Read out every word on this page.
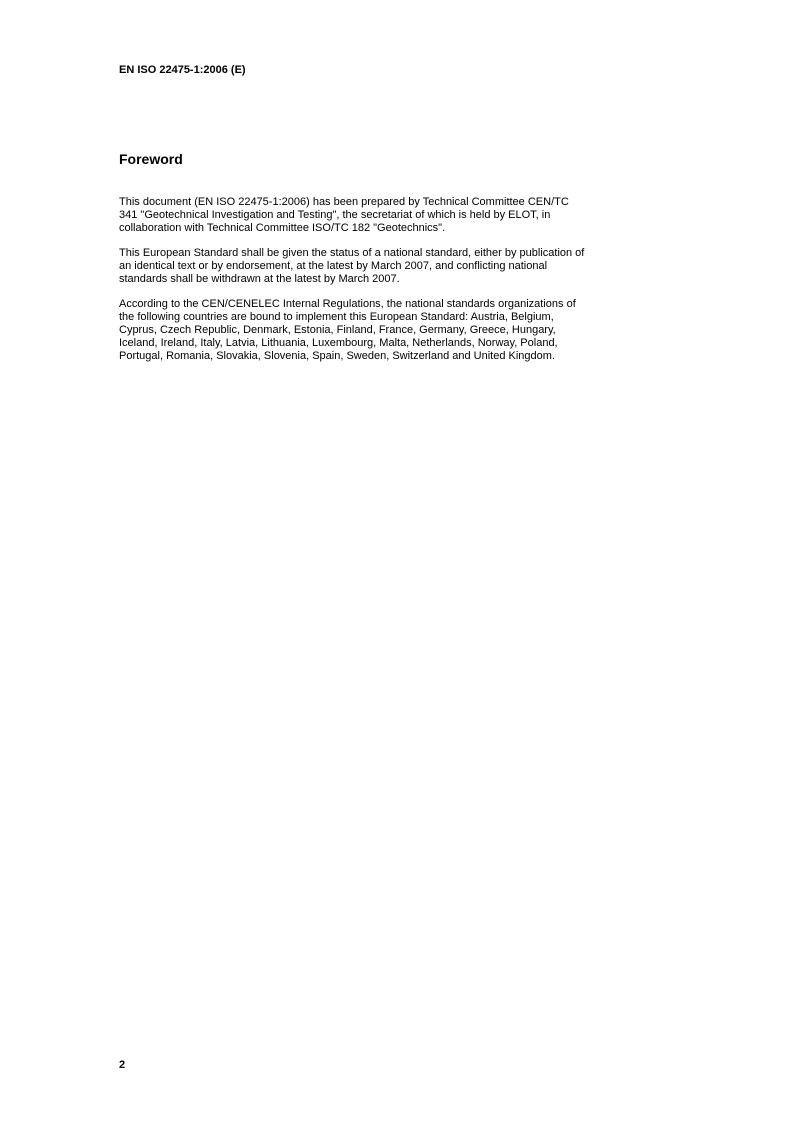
EN ISO 22475-1:2006 (E)
Foreword

This document (EN ISO 22475-1:2006) has been prepared by Technical Committee CEN/TC
341 "Geotechnical Investigation and Testing", the secretariat of which is held by ELOT, in
collaboration with Technical Committee ISO/TC 182 "Geotechnics".

This European Standard shall be given the status of a national standard, either by publication of
an identical text or by endorsement, at the latest by March 2007, and conflicting national
standards shall be withdrawn at the latest by March 2007.

According to the CEN/CENELEC Internal Regulations, the national standards organizations of
the following countries are bound to implement this European Standard: Austria, Belgium,
Cyprus, Czech Republic, Denmark, Estonia, Finland, France, Germany, Greece, Hungary,
Iceland, Ireland, Italy, Latvia, Lithuania, Luxembourg, Malta, Netherlands, Norway, Poland,
Portugal, Romania, Slovakia, Slovenia, Spain, Sweden, Switzerland and United Kingdom.

2
